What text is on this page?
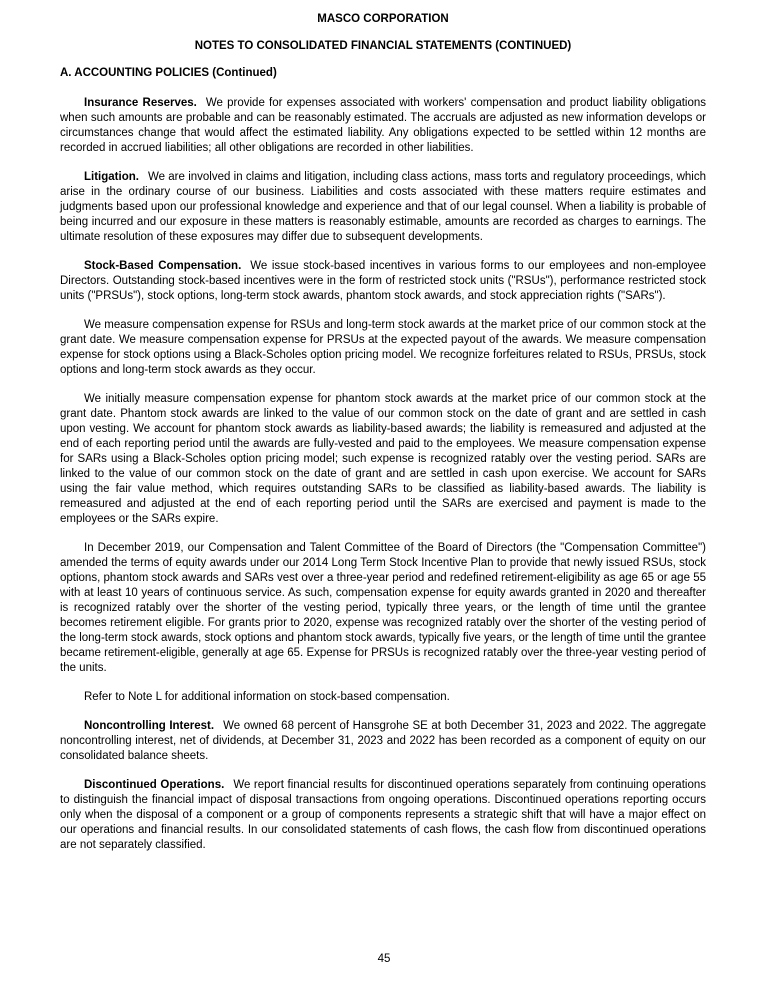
MASCO CORPORATION
NOTES TO CONSOLIDATED FINANCIAL STATEMENTS (CONTINUED)
A. ACCOUNTING POLICIES (Continued)

Insurance Reserves. We provide for expenses associated with workers' compensation and product liability obligations when such amounts are probable and can be reasonably estimated. The accruals are adjusted as new information develops or circumstances change that would affect the estimated liability. Any obligations expected to be settled within 12 months are recorded in accrued liabilities; all other obligations are recorded in other liabilities.

Litigation. We are involved in claims and litigation, including class actions, mass torts and regulatory proceedings, which arise in the ordinary course of our business. Liabilities and costs associated with these matters require estimates and judgments based upon our professional knowledge and experience and that of our legal counsel. When a liability is probable of being incurred and our exposure in these matters is reasonably estimable, amounts are recorded as charges to earnings. The ultimate resolution of these exposures may differ due to subsequent developments.

Stock-Based Compensation. We issue stock-based incentives in various forms to our employees and non-employee Directors. Outstanding stock-based incentives were in the form of restricted stock units ("RSUs"), performance restricted stock units ("PRSUs"), stock options, long-term stock awards, phantom stock awards, and stock appreciation rights ("SARs").

We measure compensation expense for RSUs and long-term stock awards at the market price of our common stock at the grant date. We measure compensation expense for PRSUs at the expected payout of the awards. We measure compensation expense for stock options using a Black-Scholes option pricing model. We recognize forfeitures related to RSUs, PRSUs, stock options and long-term stock awards as they occur.

We initially measure compensation expense for phantom stock awards at the market price of our common stock at the grant date. Phantom stock awards are linked to the value of our common stock on the date of grant and are settled in cash upon vesting. We account for phantom stock awards as liability-based awards; the liability is remeasured and adjusted at the end of each reporting period until the awards are fully-vested and paid to the employees. We measure compensation expense for SARs using a Black-Scholes option pricing model; such expense is recognized ratably over the vesting period. SARs are linked to the value of our common stock on the date of grant and are settled in cash upon exercise. We account for SARs using the fair value method, which requires outstanding SARs to be classified as liability-based awards. The liability is remeasured and adjusted at the end of each reporting period until the SARs are exercised and payment is made to the employees or the SARs expire.

In December 2019, our Compensation and Talent Committee of the Board of Directors (the "Compensation Committee") amended the terms of equity awards under our 2014 Long Term Stock Incentive Plan to provide that newly issued RSUs, stock options, phantom stock awards and SARs vest over a three-year period and redefined retirement-eligibility as age 65 or age 55 with at least 10 years of continuous service. As such, compensation expense for equity awards granted in 2020 and thereafter is recognized ratably over the shorter of the vesting period, typically three years, or the length of time until the grantee becomes retirement eligible. For grants prior to 2020, expense was recognized ratably over the shorter of the vesting period of the long-term stock awards, stock options and phantom stock awards, typically five years, or the length of time until the grantee became retirement-eligible, generally at age 65. Expense for PRSUs is recognized ratably over the three-year vesting period of the units.

Refer to Note L for additional information on stock-based compensation.

Noncontrolling Interest. We owned 68 percent of Hansgrohe SE at both December 31, 2023 and 2022. The aggregate noncontrolling interest, net of dividends, at December 31, 2023 and 2022 has been recorded as a component of equity on our consolidated balance sheets.

Discontinued Operations. We report financial results for discontinued operations separately from continuing operations to distinguish the financial impact of disposal transactions from ongoing operations. Discontinued operations reporting occurs only when the disposal of a component or a group of components represents a strategic shift that will have a major effect on our operations and financial results. In our consolidated statements of cash flows, the cash flow from discontinued operations are not separately classified.

45
